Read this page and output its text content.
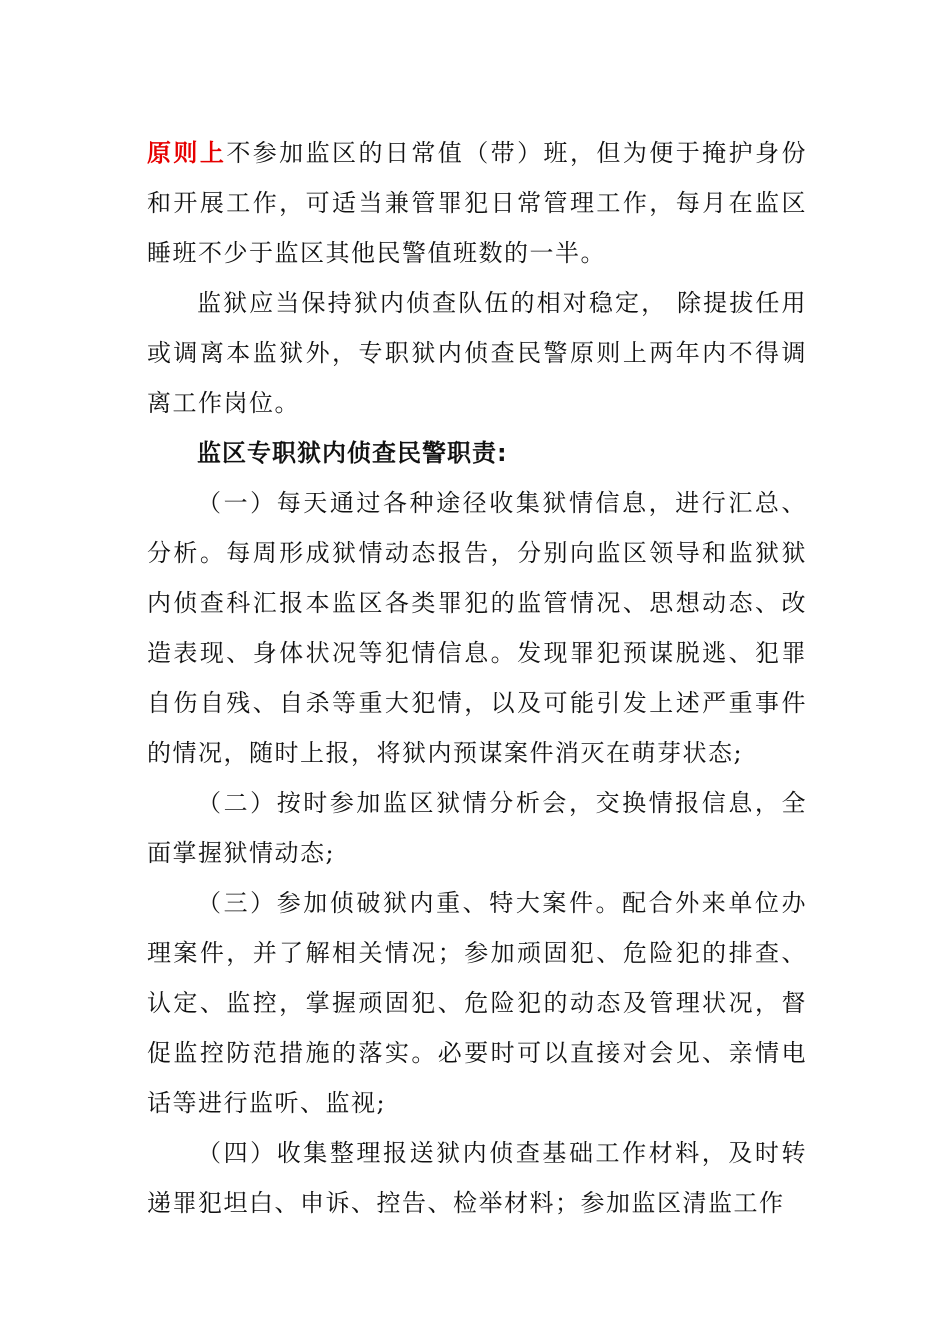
原则上不参加监区的日常值（带）班，但为便于掩护身份和开展工作，可适当兼管罪犯日常管理工作，每月在监区睡班不少于监区其他民警值班数的一半。

监狱应当保持狱内侦查队伍的相对稳定， 除提拔任用或调离本监狱外，专职狱内侦查民警原则上两年内不得调离工作岗位。

监区专职狱内侦查民警职责:

（一）每天通过各种途径收集狱情信息，进行汇总、分析。每周形成狱情动态报告，分别向监区领导和监狱狱内侦查科汇报本监区各类罪犯的监管情况、思想动态、改造表现、身体状况等犯情信息。发现罪犯预谋脱逃、犯罪自伤自残、自杀等重大犯情，以及可能引发上述严重事件的情况，随时上报，将狱内预谋案件消灭在萌芽状态;

（二）按时参加监区狱情分析会，交换情报信息，全面掌握狱情动态;

（三）参加侦破狱内重、特大案件。配合外来单位办理案件，并了解相关情况；参加顽固犯、危险犯的排查、认定、监控，掌握顽固犯、危险犯的动态及管理状况，督促监控防范措施的落实。必要时可以直接对会见、亲情电话等进行监听、监视;

（四）收集整理报送狱内侦查基础工作材料，及时转递罪犯坦白、申诉、控告、检举材料；参加监区清监工作
